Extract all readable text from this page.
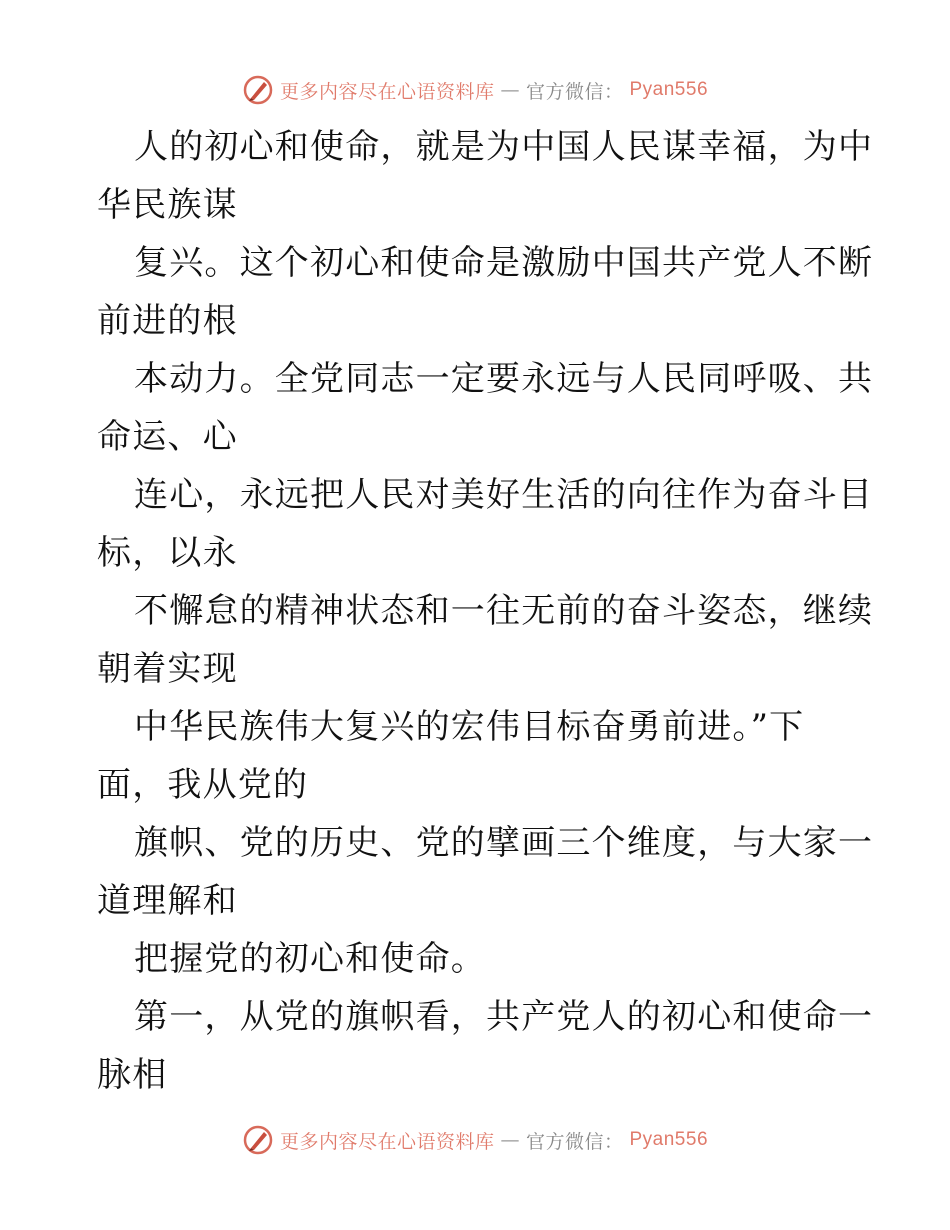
更多内容尽在心语资料库 — 官方微信： Pyan556
人的初心和使命，就是为中国人民谋幸福，为中
华民族谋
复兴。这个初心和使命是激励中国共产党人不断
前进的根
本动力。全党同志一定要永远与人民同呼吸、共
命运、心
连心，永远把人民对美好生活的向往作为奋斗目
标，以永
不懈怠的精神状态和一往无前的奋斗姿态，继续
朝着实现
中华民族伟大复兴的宏伟目标奋勇前进。”下
面，我从党的
旗帜、党的历史、党的擘画三个维度，与大家一
道理解和
把握党的初心和使命。
第一，从党的旗帜看，共产党人的初心和使命一
脉相
更多内容尽在心语资料库 — 官方微信： Pyan556
